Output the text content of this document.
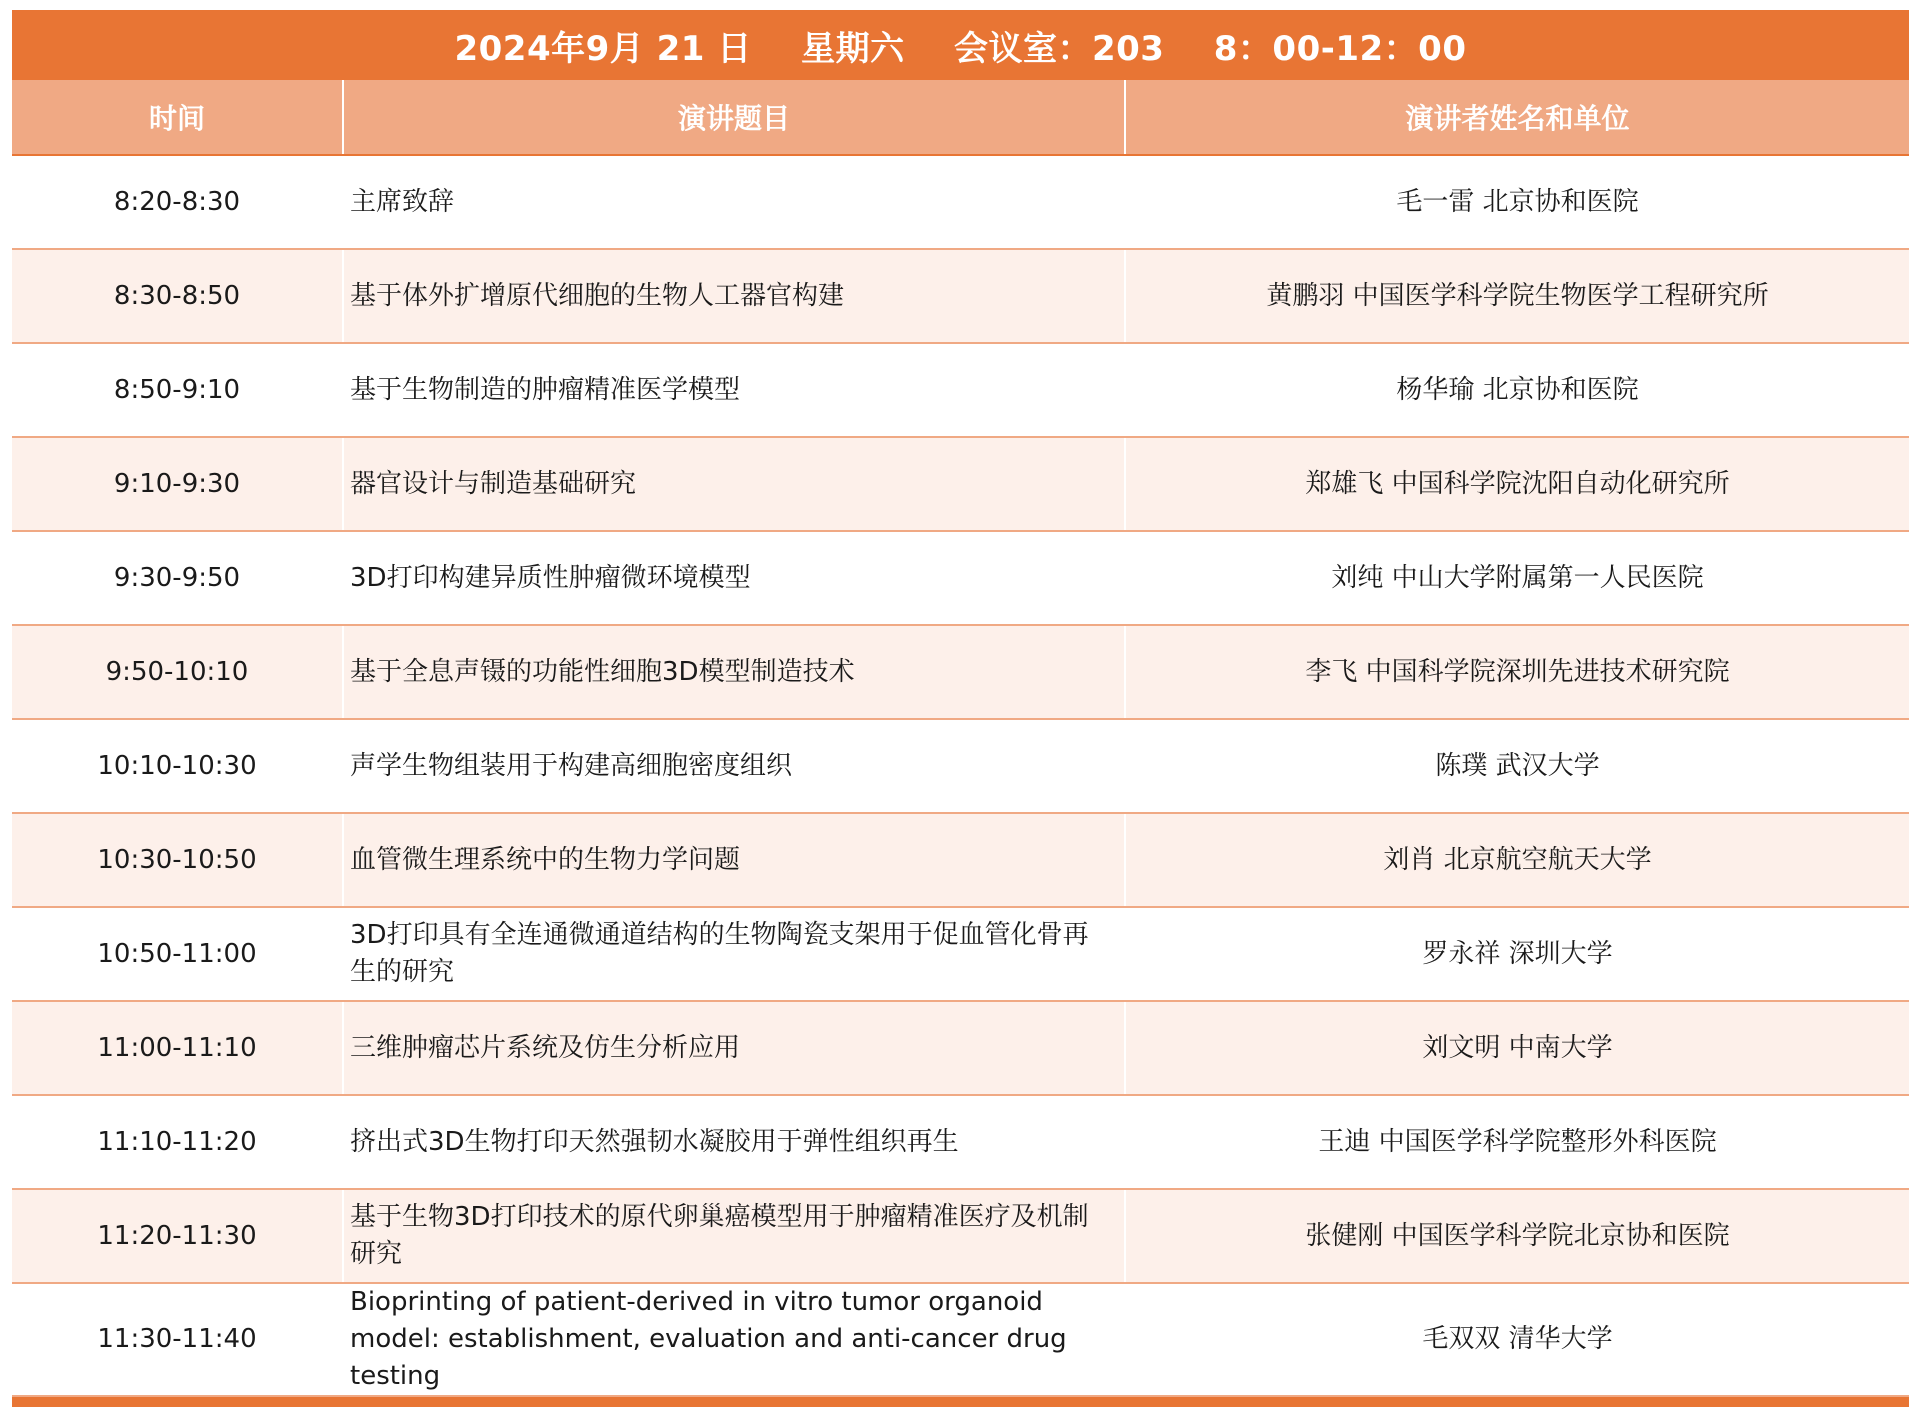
2024年9月 21 日    星期六    会议室：203    8：00-12：00
时间	演讲题目	演讲者姓名和单位
8:20-8:30	主席致辞	毛一雷 北京协和医院
8:30-8:50	基于体外扩增原代细胞的生物人工器官构建	黄鹏羽 中国医学科学院生物医学工程研究所
8:50-9:10	基于生物制造的肿瘤精准医学模型	杨华瑜 北京协和医院
9:10-9:30	器官设计与制造基础研究	郑雄飞 中国科学院沈阳自动化研究所
9:30-9:50	3D打印构建异质性肿瘤微环境模型	刘纯 中山大学附属第一人民医院
9:50-10:10	基于全息声镊的功能性细胞3D模型制造技术	李飞 中国科学院深圳先进技术研究院
10:10-10:30	声学生物组装用于构建高细胞密度组织	陈璞 武汉大学
10:30-10:50	血管微生理系统中的生物力学问题	刘肖 北京航空航天大学
10:50-11:00	3D打印具有全连通微通道结构的生物陶瓷支架用于促血管化骨再生的研究	罗永祥 深圳大学
11:00-11:10	三维肿瘤芯片系统及仿生分析应用	刘文明 中南大学
11:10-11:20	挤出式3D生物打印天然强韧水凝胶用于弹性组织再生	王迪 中国医学科学院整形外科医院
11:20-11:30	基于生物3D打印技术的原代卵巢癌模型用于肿瘤精准医疗及机制研究	张健刚 中国医学科学院北京协和医院
11:30-11:40	Bioprinting of patient-derived in vitro tumor organoid model: establishment, evaluation and anti-cancer drug testing	毛双双 清华大学
